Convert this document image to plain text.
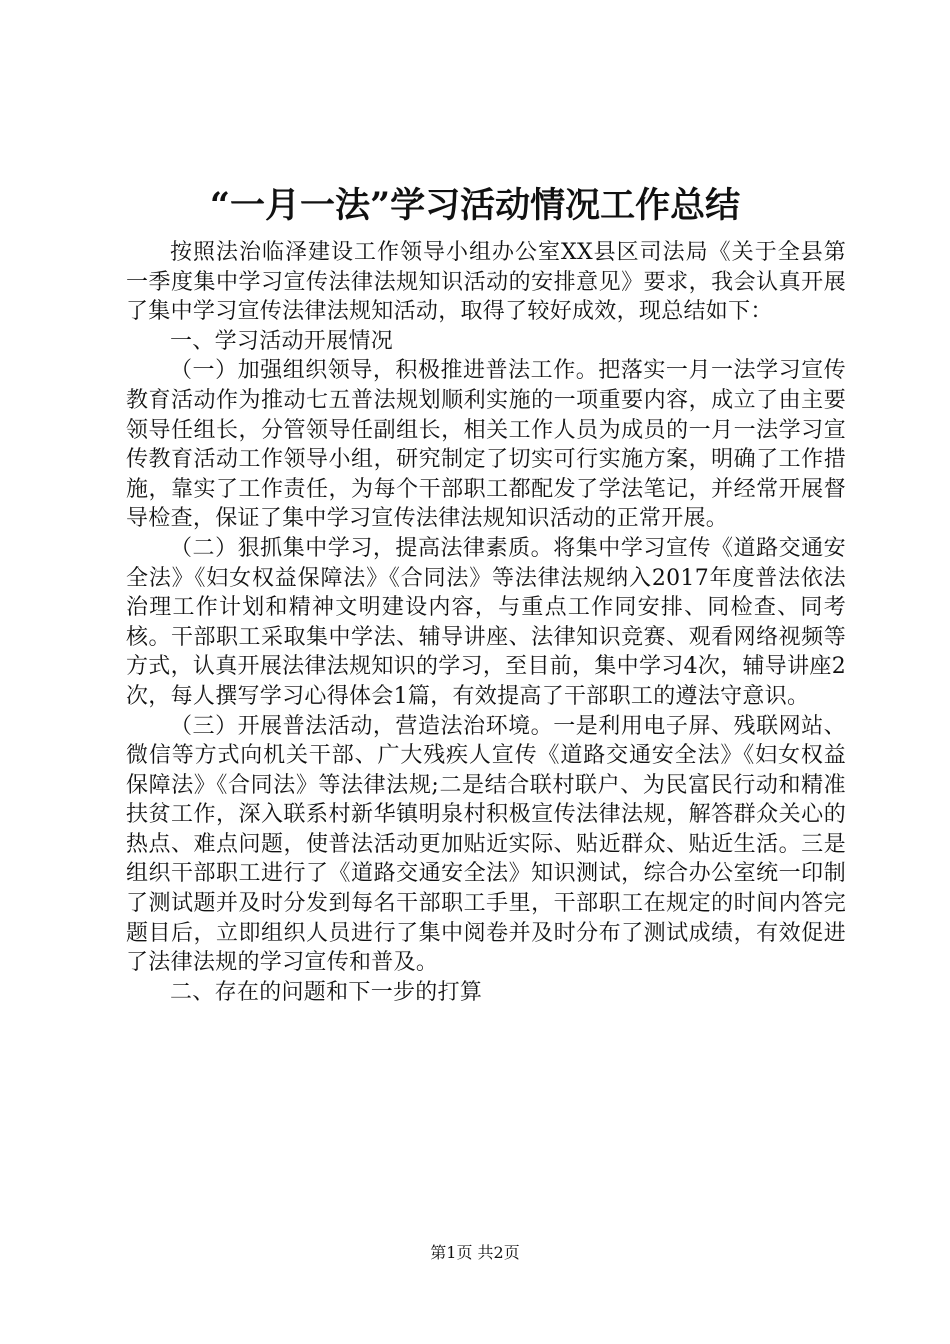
“一月一法”学习活动情况工作总结

按照法治临泽建设工作领导小组办公室XX县区司法局《关于全县第一季度集中学习宣传法律法规知识活动的安排意见》要求，我会认真开展了集中学习宣传法律法规知活动，取得了较好成效，现总结如下：

一、学习活动开展情况

（一）加强组织领导，积极推进普法工作。把落实一月一法学习宣传教育活动作为推动七五普法规划顺利实施的一项重要内容，成立了由主要领导任组长，分管领导任副组长，相关工作人员为成员的一月一法学习宣传教育活动工作领导小组，研究制定了切实可行实施方案，明确了工作措施，靠实了工作责任，为每个干部职工都配发了学法笔记，并经常开展督导检查，保证了集中学习宣传法律法规知识活动的正常开展。

（二）狠抓集中学习，提高法律素质。将集中学习宣传《道路交通安全法》《妇女权益保障法》《合同法》等法律法规纳入2017年度普法依法治理工作计划和精神文明建设内容，与重点工作同安排、同检查、同考核。干部职工采取集中学法、辅导讲座、法律知识竞赛、观看网络视频等方式，认真开展法律法规知识的学习，至目前，集中学习4次，辅导讲座2次，每人撰写学习心得体会1篇，有效提高了干部职工的遵法守意识。

（三）开展普法活动，营造法治环境。一是利用电子屏、残联网站、微信等方式向机关干部、广大残疾人宣传《道路交通安全法》《妇女权益保障法》《合同法》等法律法规;二是结合联村联户、为民富民行动和精准扶贫工作，深入联系村新华镇明泉村积极宣传法律法规，解答群众关心的热点、难点问题，使普法活动更加贴近实际、贴近群众、贴近生活。三是组织干部职工进行了《道路交通安全法》知识测试，综合办公室统一印制了测试题并及时分发到每名干部职工手里，干部职工在规定的时间内答完题目后，立即组织人员进行了集中阅卷并及时分布了测试成绩，有效促进了法律法规的学习宣传和普及。

二、存在的问题和下一步的打算

第1页 共2页
